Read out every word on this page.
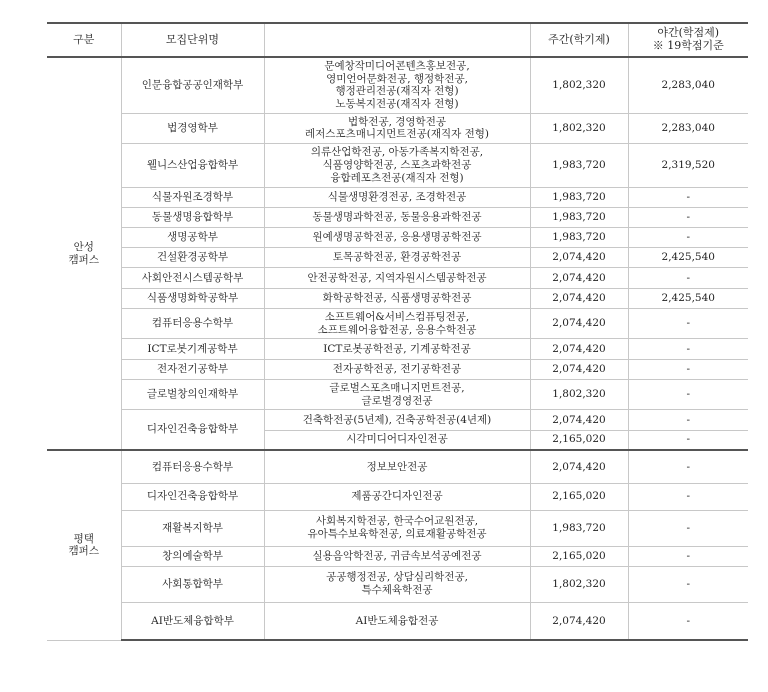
구분	모집단위명		주간(학기제)	야간(학점제)
※ 19학점기준

안성
캠퍼스	인문융합공공인재학부	문예창작미디어콘텐츠홍보전공,
영미언어문화전공, 행정학전공,
행정관리전공(재직자 전형)
노동복지전공(재직자 전형)	1,802,320	2,283,040
	법경영학부	법학전공, 경영학전공
레저스포츠매니지먼트전공(재직자 전형)	1,802,320	2,283,040
	웰니스산업융합학부	의류산업학전공, 아동가족복지학전공,
식품영양학전공, 스포츠과학전공
융합레포츠전공(재직자 전형)	1,983,720	2,319,520
	식물자원조경학부	식물생명환경전공, 조경학전공	1,983,720	-
	동물생명융합학부	동물생명과학전공, 동물응용과학전공	1,983,720	-
	생명공학부	원예생명공학전공, 응용생명공학전공	1,983,720	-
	건설환경공학부	토목공학전공, 환경공학전공	2,074,420	2,425,540
	사회안전시스템공학부	안전공학전공, 지역자원시스템공학전공	2,074,420	-
	식품생명화학공학부	화학공학전공, 식품생명공학전공	2,074,420	2,425,540
	컴퓨터응용수학부	소프트웨어&서비스컴퓨팅전공,
소프트웨어융합전공, 응용수학전공	2,074,420	-
	ICT로봇기계공학부	ICT로봇공학전공, 기계공학전공	2,074,420	-
	전자전기공학부	전자공학전공, 전기공학전공	2,074,420	-
	글로벌창의인재학부	글로벌스포츠매니지먼트전공,
글로벌경영전공	1,802,320	-
	디자인건축융합학부	건축학전공(5년제), 건축공학전공(4년제)	2,074,420	-
		시각미디어디자인전공	2,165,020	-

평택
캠퍼스	컴퓨터응용수학부	정보보안전공	2,074,420	-
	디자인건축융합학부	제품공간디자인전공	2,165,020	-
	재활복지학부	사회복지학전공, 한국수어교원전공,
유아특수보육학전공, 의료재활공학전공	1,983,720	-
	창의예술학부	실용음악학전공, 귀금속보석공예전공	2,165,020	-
	사회통합학부	공공행정전공, 상담심리학전공,
특수체육학전공	1,802,320	-
	AI반도체융합학부	AI반도체융합전공	2,074,420	-
